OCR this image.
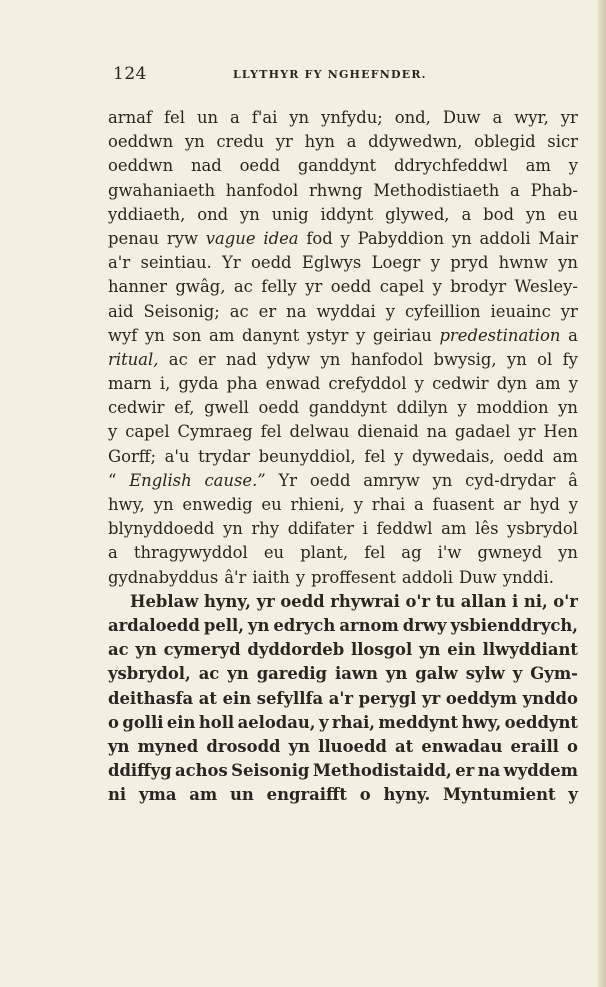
124	LLYTHYR FY NGHEFNDER.
arnaf fel un a f'ai yn ynfydu; ond, Duw a wyr, yr
oeddwn yn credu yr hyn a ddywedwn, oblegid sicr
oeddwn nad oedd ganddynt ddrychfeddwl am y
gwahaniaeth hanfodol rhwng Methodistiaeth a Phab-
yddiaeth, ond yn unig iddynt glywed, a bod yn eu
penau ryw vague idea fod y Pabyddion yn addoli Mair
a'r seintiau. Yr oedd Eglwys Loegr y pryd hwnw yn
hanner gwâg, ac felly yr oedd capel y brodyr Wesley-
aid Seisonig; ac er na wyddai y cyfeillion ieuainc yr
wyf yn son am danynt ystyr y geiriau predestination a
ritual, ac er nad ydyw yn hanfodol bwysig, yn ol fy
marn i, gyda pha enwad crefyddol y cedwir dyn am y
cedwir ef, gwell oedd ganddynt ddilyn y moddion yn
y capel Cymraeg fel delwau dienaid na gadael yr Hen
Gorff; a'u trydar beunyddiol, fel y dywedais, oedd am
“ English cause.” Yr oedd amryw yn cyd-drydar â
hwy, yn enwedig eu rhieni, y rhai a fuasent ar hyd y
blynyddoedd yn rhy ddifater i feddwl am lês ysbrydol
a thragywyddol eu plant, fel ag i'w gwneyd yn
gydnabyddus â'r iaith y proffesent addoli Duw ynddi.
Heblaw hyny, yr oedd rhywrai o'r tu allan i ni, o'r
ardaloedd pell, yn edrych arnom drwy ysbienddrych,
ac yn cymeryd dyddordeb llosgol yn ein llwyddiant
ysbrydol, ac yn garedig iawn yn galw sylw y Gym-
deithasfa at ein sefyllfa a'r perygl yr oeddym ynddo
o golli ein holl aelodau, y rhai, meddynt hwy, oeddynt
yn myned drosodd yn lluoedd at enwadau eraill o
ddiffyg achos Seisonig Methodistaidd, er na wyddem
ni yma am un engraifft o hyny. Myntumient y
